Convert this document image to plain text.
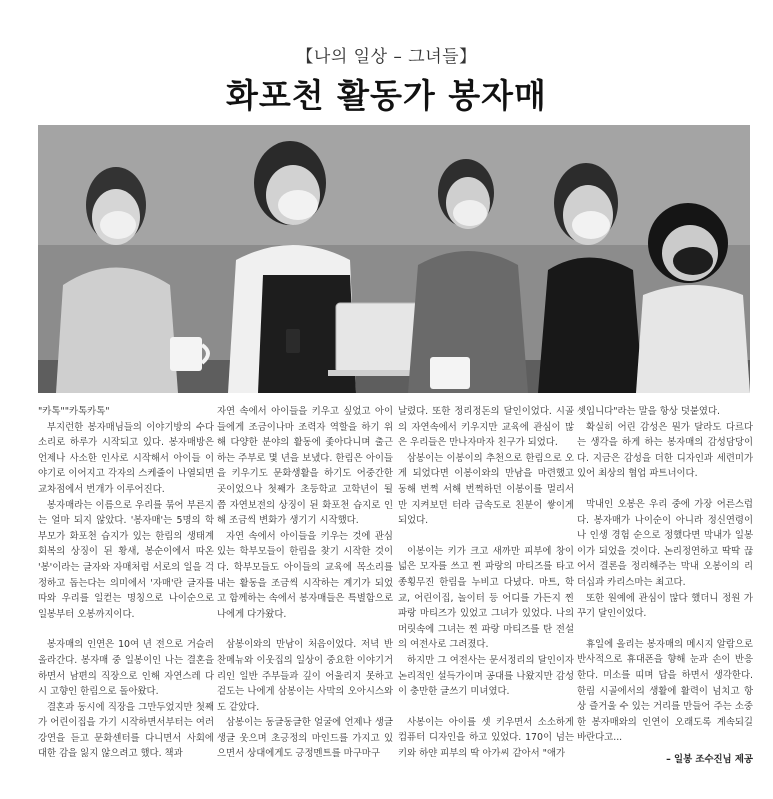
【나의 일상 – 그녀들】
화포천 활동가 봉자매

"카톡""카톡카톡"

부지런한 봉자매님들의 이야기방의 수다 소리로 하루가 시작되고 있다. 봉자매방은 언제나 사소한 인사로 시작해서 아이들 이야기로 이어지고 각자의 스케줄이 나열되면 교차점에서 번개가 이루어진다.

봉자매라는 이름으로 우리를 묶어 부른지는 얼마 되지 않았다. '봉자매'는 5명의 학부모가 화포천 습지가 있는 한림의 생태계 회복의 상징이 된 황새, 봉순이에서 따온 '봉'이라는 글자와 자매처럼 서로의 일을 걱정하고 돕는다는 의미에서 '자매'란 글자를 따와 우리를 일컫는 명칭으로 나이순으로 일봉부터 오봉까지이다.

봉자매의 인연은 10여 년 전으로 거슬러 올라간다. 봉자매 중 일봉이인 나는 결혼을 하면서 남편의 직장으로 인해 자연스레 다시 고향인 한림으로 돌아왔다.

결혼과 동시에 직장을 그만두었지만 첫째가 어린이집을 가기 시작하면서부터는 여러 강연을 듣고 문화센터를 다니면서 사회에 대한 감을 잃지 않으려고 했다. 책과

자연 속에서 아이들을 키우고 싶었고 아이들에게 조금이나마 조력자 역할을 하기 위해 다양한 분야의 활동에 좇아다니며 출근하는 주부로 몇 년을 보냈다. 한림은 아이들을 키우기도 문화생활을 하기도 어중간한 곳이었으나 첫째가 초등학교 고학년이 될 쯤 자연보전의 상징이 된 화포천 습지로 인해 조금씩 변화가 생기기 시작했다.

자연 속에서 아이들을 키우는 것에 관심있는 학부모들이 한림을 찾기 시작한 것이다. 학부모들도 아이들의 교육에 목소리를 내는 활동을 조금씩 시작하는 계기가 되었고 함께하는 속에서 봉자매들은 특별함으로 나에게 다가왔다.

삼봉이와의 만남이 처음이었다. 저녁 반찬메뉴와 이웃집의 일상이 중요한 이야기거리인 일반 주부들과 깊이 어울리지 못하고 겉도는 나에게 삼봉이는 사막의 오아시스와도 같았다.

삼봉이는 동글동글한 얼굴에 언제나 생글생글 웃으며 초긍정의 마인드를 가지고 있으면서 상대에게도 긍정멘트를 마구마구

날렸다. 또한 정리정돈의 달인이었다. 시골의 자연속에서 키우지만 교육에 관심이 많은 우리들은 만나자마자 친구가 되었다.

삼봉이는 이봉이의 추천으로 한림으로 오게 되었다면 이봉이와의 만남을 마련했고 동해 번쩍 서해 번쩍하던 이봉이를 멀리서만 지켜보던 터라 급속도로 친분이 쌓이게 되었다.

이봉이는 키가 크고 새까만 피부에 창이 넓은 모자를 쓰고 찐 파랑의 마티즈를 타고 종횡무진 한림을 누비고 다녔다. 마트, 학교, 어린이집, 놀이터 등 어디를 가든지 찐 파랑 마티즈가 있었고 그녀가 있었다. 나의 머릿속에 그녀는 찐 파랑 마티즈를 탄 전설의 여전사로 그려졌다.

하지만 그 여전사는 문서정리의 달인이자 논리적인 설득가이며 공대를 나왔지만 감성이 충만한 글쓰기 미녀였다.

사봉이는 아이를 셋 키우면서 소소하게 컴퓨터 디자인을 하고 있었다. 170이 넘는 키와 하얀 피부의 딱 아가씨 같아서 "애가

셋입니다"라는 말을 항상 덧붙였다.

확실히 어린 감성은 뭔가 달라도 다르다는 생각을 하게 하는 봉자매의 감성담당이다. 지금은 감성을 더한 디자인과 세련미가 있어 최상의 협업 파트너이다.

막내인 오봉은 우리 중에 가장 어른스럽다. 봉자매가 나이순이 아니라 정신연령이나 인생 경험 순으로 정했다면 막내가 일봉이가 되었을 것이다. 논리정연하고 딱딱 끊어서 결론을 정리해주는 막내 오봉이의 리더십과 카리스마는 최고다.

또한 원예에 관심이 많다 했더니 정원 가꾸기 달인이었다.

휴일에 올리는 봉자매의 메시지 알람으로 반사적으로 휴대폰을 향해 눈과 손이 반응한다. 미소를 띠며 답을 하면서 생각한다. 한림 시골에서의 생활에 활력이 넘치고 항상 즐거울 수 있는 거리를 만들어 주는 소중한 봉자매와의 인연이 오래도록 계속되길 바란다고...

– 일봉 조수진님 제공
